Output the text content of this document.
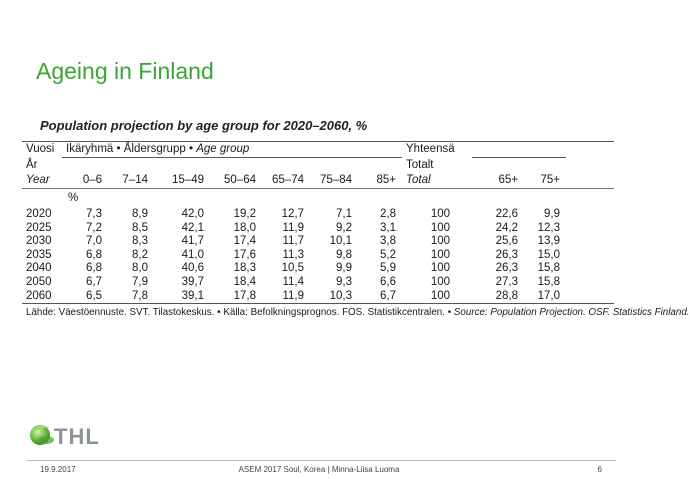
Ageing in Finland
Population projection by age group for 2020–2060, %
Vuosi	Ikäryhmä • Åldersgrupp • Age group							Yhteensä			
År								Totalt			
Year	0–6	7–14	15–49	50–64	65–74	75–84	85+	Total	65+	75+	
	%										
2020	7,3	8,9	42,0	19,2	12,7	7,1	2,8	100	22,6	9,9	
2025	7,2	8,5	42,1	18,0	11,9	9,2	3,1	100	24,2	12,3	
2030	7,0	8,3	41,7	17,4	11,7	10,1	3,8	100	25,6	13,9	
2035	6,8	8,2	41,0	17,6	11,3	9,8	5,2	100	26,3	15,0	
2040	6,8	8,0	40,6	18,3	10,5	9,9	5,9	100	26,3	15,8	
2050	6,7	7,9	39,7	18,4	11,4	9,3	6,6	100	27,3	15,8	
2060	6,5	7,8	39,1	17,8	11,9	10,3	6,7	100	28,8	17,0	
Lähde: Väestöennuste. SVT. Tilastokeskus. • Källa: Befolkningsprognos. FOS. Statistikcentralen. • Source: Population Projection. OSF. Statistics Finland.
THL
19.9.2017	ASEM 2017 Soul, Korea | Minna-Liisa Luoma	6
